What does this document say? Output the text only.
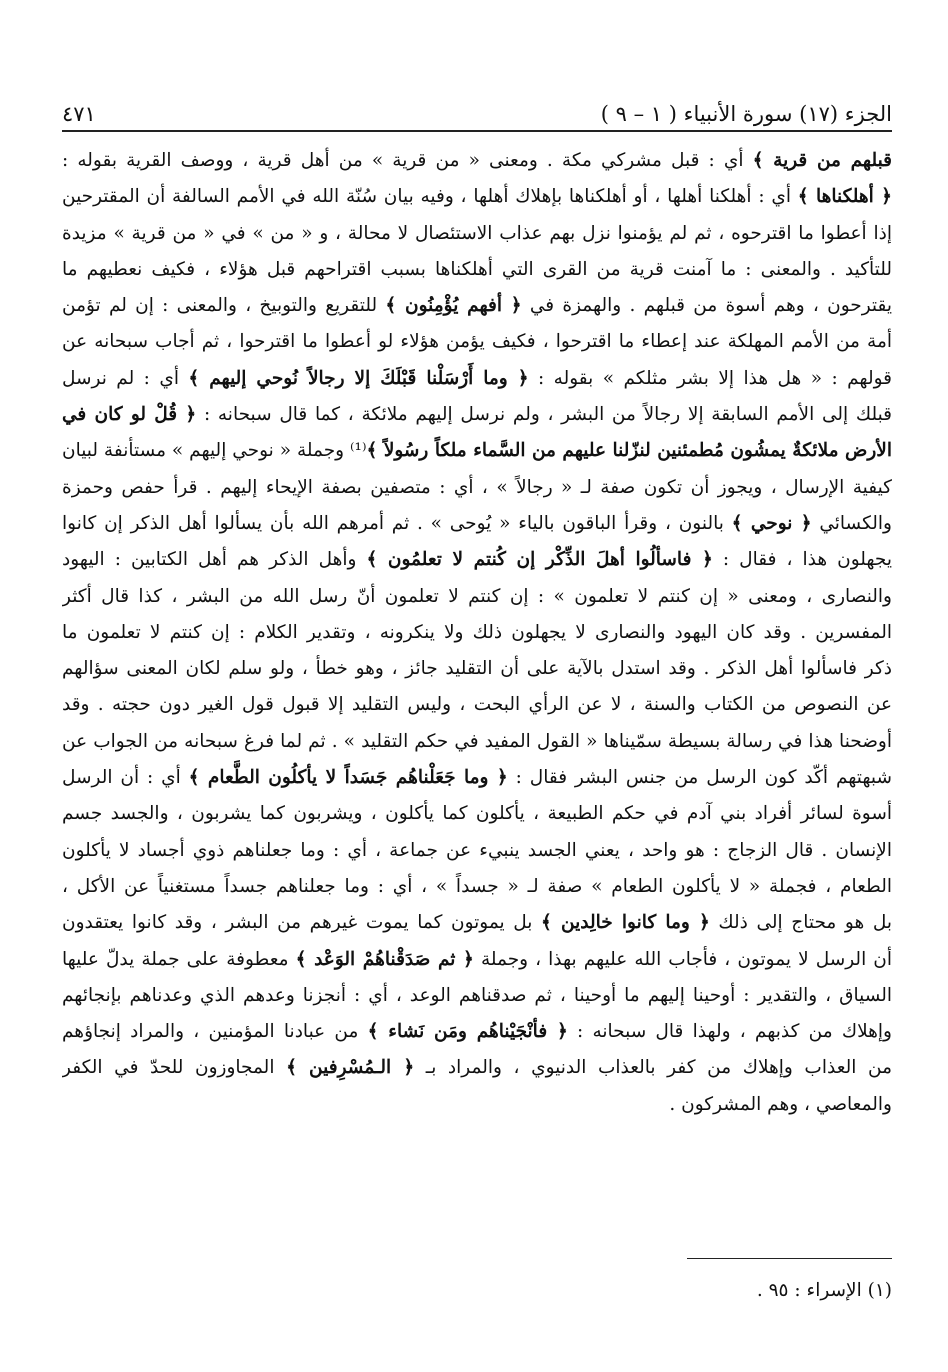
الجزء (١٧) سورة الأنبياء ( ١ – ٩ )
٤٧١
قبلهم من قرية ﴾ أي : قبل مشركي مكة . ومعنى « من قرية » من أهل قرية ، ووصف القرية بقوله :
﴿ أهلكناها ﴾ أي : أهلكنا أهلها ، أو أهلكناها بإهلاك أهلها ، وفيه بيان سُنّة الله في الأمم السالفة أن المقترحين
إذا أعطوا ما اقترحوه ، ثم لم يؤمنوا نزل بهم عذاب الاستئصال لا محالة ، و « من » في « من قرية » مزيدة
للتأكيد . والمعنى : ما آمنت قرية من القرى التي أهلكناها بسبب اقتراحهم قبل هؤلاء ، فكيف نعطيهم ما
يقترحون ، وهم أسوة من قبلهم . والهمزة في ﴿ أفهم يُؤْمِنُون ﴾ للتقريع والتوبيخ ، والمعنى : إن لم تؤمن
أمة من الأمم المهلكة عند إعطاء ما اقترحوا ، فكيف يؤمن هؤلاء لو أعطوا ما اقترحوا ، ثم أجاب سبحانه عن
قولهم : « هل هذا إلا بشر مثلكم » بقوله : ﴿ وما أَرْسَلْنا قَبْلَكَ إلا رجالاً نُوحي إليهم ﴾ أي : لم نرسل
قبلك إلى الأمم السابقة إلا رجالاً من البشر ، ولم نرسل إليهم ملائكة ، كما قال سبحانه : ﴿ قُلْ لو كان في
الأرض ملائكةٌ يمشُون مُطمئنين لنزّلنا عليهم من السَّماء ملكاً رسُولاً ﴾⁽¹⁾ وجملة « نوحي إليهم » مستأنفة لبيان
كيفية الإرسال ، ويجوز أن تكون صفة لـ « رجالاً » ، أي : متصفين بصفة الإيحاء إليهم . قرأ حفص وحمزة
والكسائي ﴿ نوحي ﴾ بالنون ، وقرأ الباقون بالياء « يُوحى » . ثم أمرهم الله بأن يسألوا أهل الذكر إن كانوا
يجهلون هذا ، فقال : ﴿ فاسألُوا أهلَ الذِّكْر إن كُنتم لا تعلمُون ﴾ وأهل الذكر هم أهل الكتابين : اليهود
والنصارى ، ومعنى « إن كنتم لا تعلمون » : إن كنتم لا تعلمون أنّ رسل الله من البشر ، كذا قال أكثر
المفسرين . وقد كان اليهود والنصارى لا يجهلون ذلك ولا ينكرونه ، وتقدير الكلام : إن كنتم لا تعلمون ما
ذكر فاسألوا أهل الذكر . وقد استدل بالآية على أن التقليد جائز ، وهو خطأ ، ولو سلم لكان المعنى سؤالهم
عن النصوص من الكتاب والسنة ، لا عن الرأي البحت ، وليس التقليد إلا قبول قول الغير دون حجته . وقد
أوضحنا هذا في رسالة بسيطة سمّيناها « القول المفيد في حكم التقليد » . ثم لما فرغ سبحانه من الجواب عن
شبهتهم أكّد كون الرسل من جنس البشر فقال : ﴿ وما جَعَلْناهُم جَسَداً لا يأكلُون الطَّعام ﴾ أي : أن الرسل
أسوة لسائر أفراد بني آدم في حكم الطبيعة ، يأكلون كما يأكلون ، ويشربون كما يشربون ، والجسد جسم
الإنسان . قال الزجاج : هو واحد ، يعني الجسد ينبيء عن جماعة ، أي : وما جعلناهم ذوي أجساد لا يأكلون
الطعام ، فجملة « لا يأكلون الطعام » صفة لـ « جسداً » ، أي : وما جعلناهم جسداً مستغنياً عن الأكل ،
بل هو محتاج إلى ذلك ﴿ وما كانوا خالِدين ﴾ بل يموتون كما يموت غيرهم من البشر ، وقد كانوا يعتقدون
أن الرسل لا يموتون ، فأجاب الله عليهم بهذا ، وجملة ﴿ ثم صَدَقْناهُمْ الوَعْد ﴾ معطوفة على جملة يدلّ عليها
السياق ، والتقدير : أوحينا إليهم ما أوحينا ، ثم صدقناهم الوعد ، أي : أنجزنا وعدهم الذي وعدناهم بإنجائهم
وإهلاك من كذبهم ، ولهذا قال سبحانه : ﴿ فأنْجَيْناهُم ومَن نَشاء ﴾ من عبادنا المؤمنين ، والمراد إنجاؤهم
من العذاب وإهلاك من كفر بالعذاب الدنيوي ، والمراد بـ ﴿ الـمُسْرِفين ﴾ المجاوزون للحدّ في الكفر
والمعاصي ، وهم المشركون .
(١) الإسراء : ٩٥ .
